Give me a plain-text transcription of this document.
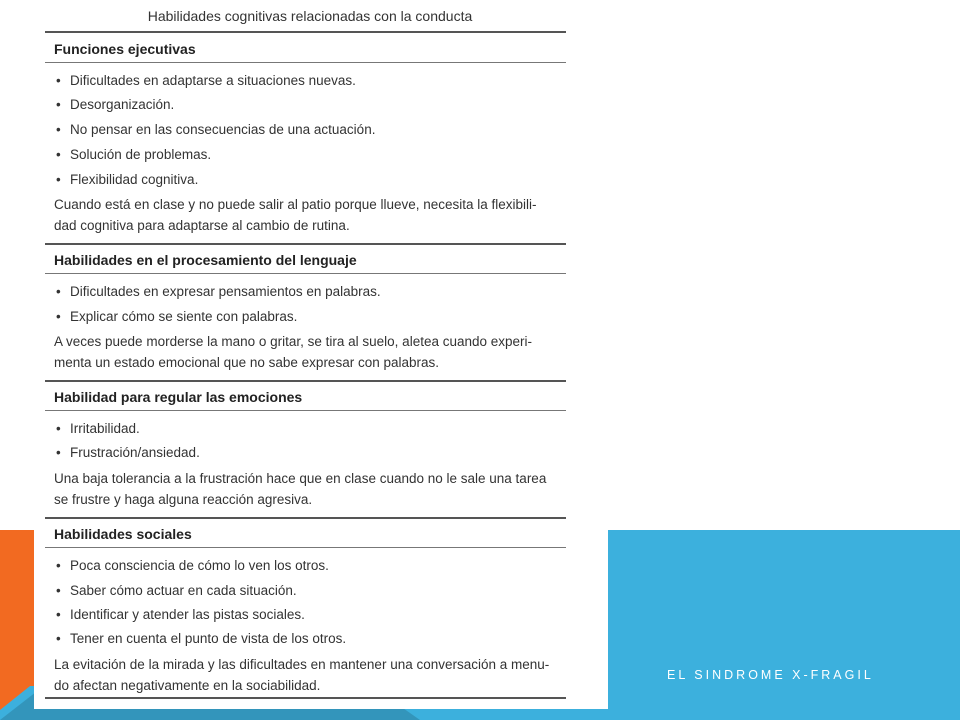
EL SINDROME X-FRAGIL
Habilidades cognitivas relacionadas con la conducta
Funciones ejecutivas
• Dificultades en adaptarse a situaciones nuevas.
• Desorganización.
• No pensar en las consecuencias de una actuación.
• Solución de problemas.
• Flexibilidad cognitiva.
Cuando está en clase y no puede salir al patio porque llueve, necesita la flexibili-
dad cognitiva para adaptarse al cambio de rutina.
Habilidades en el procesamiento del lenguaje
• Dificultades en expresar pensamientos en palabras.
• Explicar cómo se siente con palabras.
A veces puede morderse la mano o gritar, se tira al suelo, aletea cuando experi-
menta un estado emocional que no sabe expresar con palabras.
Habilidad para regular las emociones
• Irritabilidad.
• Frustración/ansiedad.
Una baja tolerancia a la frustración hace que en clase cuando no le sale una tarea
se frustre y haga alguna reacción agresiva.
Habilidades sociales
• Poca consciencia de cómo lo ven los otros.
• Saber cómo actuar en cada situación.
• Identificar y atender las pistas sociales.
• Tener en cuenta el punto de vista de los otros.
La evitación de la mirada y las dificultades en mantener una conversación a menu-
do afectan negativamente en la sociabilidad.
